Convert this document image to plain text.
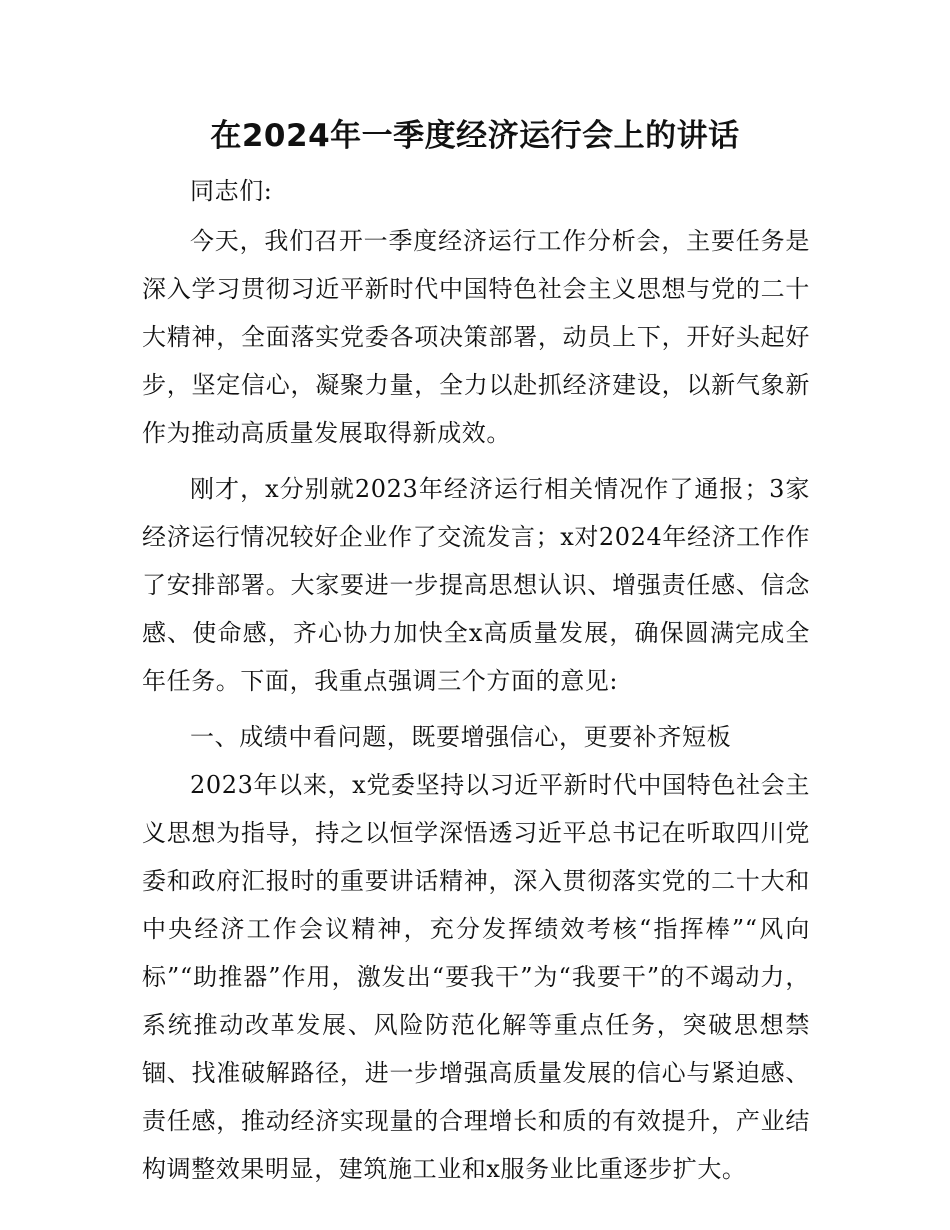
在2024年一季度经济运行会上的讲话

同志们:

今天，我们召开一季度经济运行工作分析会，主要任务是深入学习贯彻习近平新时代中国特色社会主义思想与党的二十大精神，全面落实党委各项决策部署，动员上下，开好头起好步，坚定信心，凝聚力量，全力以赴抓经济建设，以新气象新作为推动高质量发展取得新成效。

刚才，x分别就2023年经济运行相关情况作了通报；3家经济运行情况较好企业作了交流发言；x对2024年经济工作作了安排部署。大家要进一步提高思想认识、增强责任感、信念感、使命感，齐心协力加快全x高质量发展，确保圆满完成全年任务。下面，我重点强调三个方面的意见:

一、成绩中看问题，既要增强信心，更要补齐短板

2023年以来，x党委坚持以习近平新时代中国特色社会主义思想为指导，持之以恒学深悟透习近平总书记在听取四川党委和政府汇报时的重要讲话精神，深入贯彻落实党的二十大和中央经济工作会议精神，充分发挥绩效考核“指挥棒”“风向标”“助推器”作用，激发出“要我干”为“我要干”的不竭动力，系统推动改革发展、风险防范化解等重点任务，突破思想禁锢、找准破解路径，进一步增强高质量发展的信心与紧迫感、责任感，推动经济实现量的合理增长和质的有效提升，产业结构调整效果明显，建筑施工业和x服务业比重逐步扩大。
